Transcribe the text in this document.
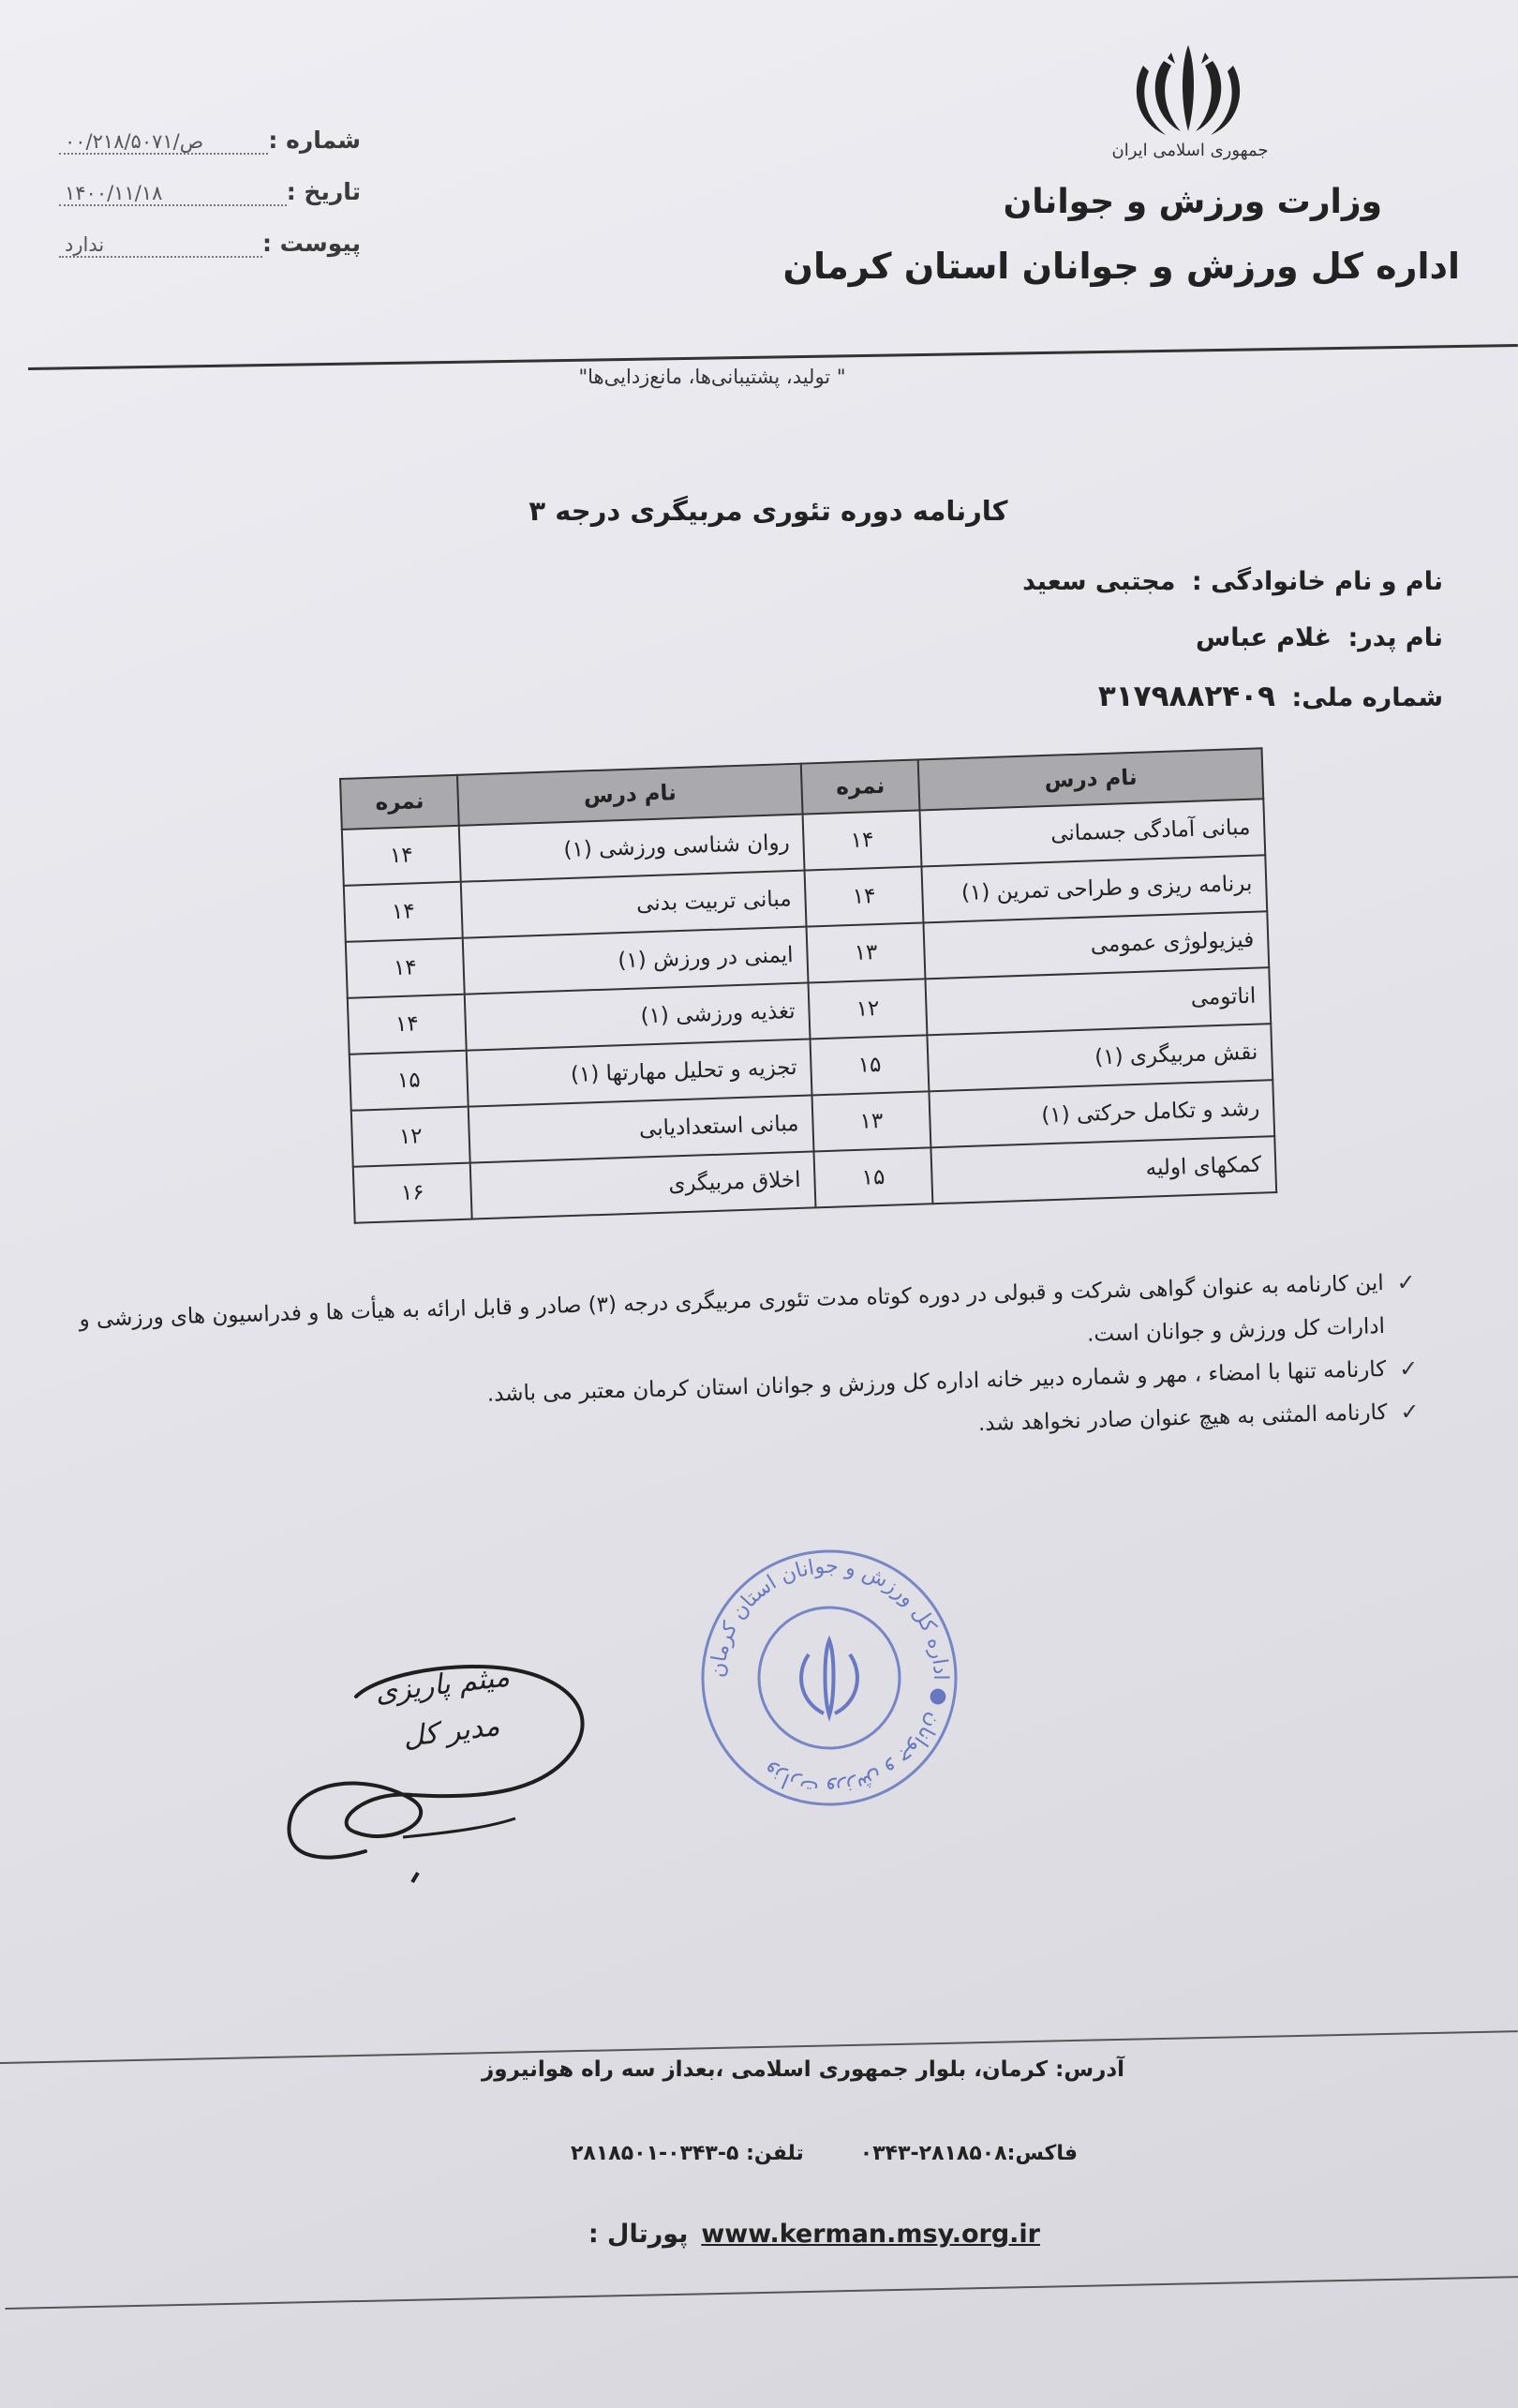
جمهوری اسلامی ایران
وزارت ورزش و جوانان
اداره کل ورزش و جوانان استان کرمان
۰۰/۲۱۸/ص/۵۰۷۱	شماره :
۱۴۰۰/۱۱/۱۸	تاریخ :
ندارد	پیوست :
" تولید، پشتیبانی‌ها، مانع‌زدایی‌ها"
کارنامه دوره تئوری مربیگری درجه ۳
نام و نام خانوادگی : مجتبی سعید
نام پدر: غلام عباس
شماره ملی: ۳۱۷۹۸۸۲۴۰۹
نام درس	نمره	نام درس	نمره
مبانی آمادگی جسمانی	۱۴	روان شناسی ورزشی (۱)	۱۴
برنامه ریزی و طراحی تمرین (۱)	۱۴	مبانی تربیت بدنی	۱۴
فیزیولوژی عمومی	۱۳	ایمنی در ورزش (۱)	۱۴
اناتومی	۱۲	تغذیه ورزشی (۱)	۱۴
نقش مربیگری (۱)	۱۵	تجزیه و تحلیل مهارتها (۱)	۱۵
رشد و تکامل حرکتی (۱)	۱۳	مبانی استعدادیابی	۱۲
کمکهای اولیه	۱۵	اخلاق مربیگری	۱۶
✓
این کارنامه به عنوان گواهی شرکت و قبولی در دوره کوتاه مدت تئوری مربیگری درجه (۳) صادر و قابل ارائه به هیأت ها و فدراسیون های ورزشی و ادارات کل ورزش و جوانان است.
✓
کارنامه تنها با امضاء ، مهر و شماره دبیر خانه اداره کل ورزش و جوانان استان کرمان معتبر می باشد.
✓
کارنامه المثنی به هیچ عنوان صادر نخواهد شد.
میثم پاریزی
مدیر کل
وزارت ورزش و جوانان ● اداره کل ورزش و جوانان استان کرمان
آدرس: کرمان، بلوار جمهوری اسلامی ،بعداز سه راه هوانیروز
تلفن: ۵-۰۳۴۳-۲۸۱۸۵۰۱	فاکس:۲۸۱۸۵۰۸-۰۳۴۳
پورتال : www.kerman.msy.org.ir
